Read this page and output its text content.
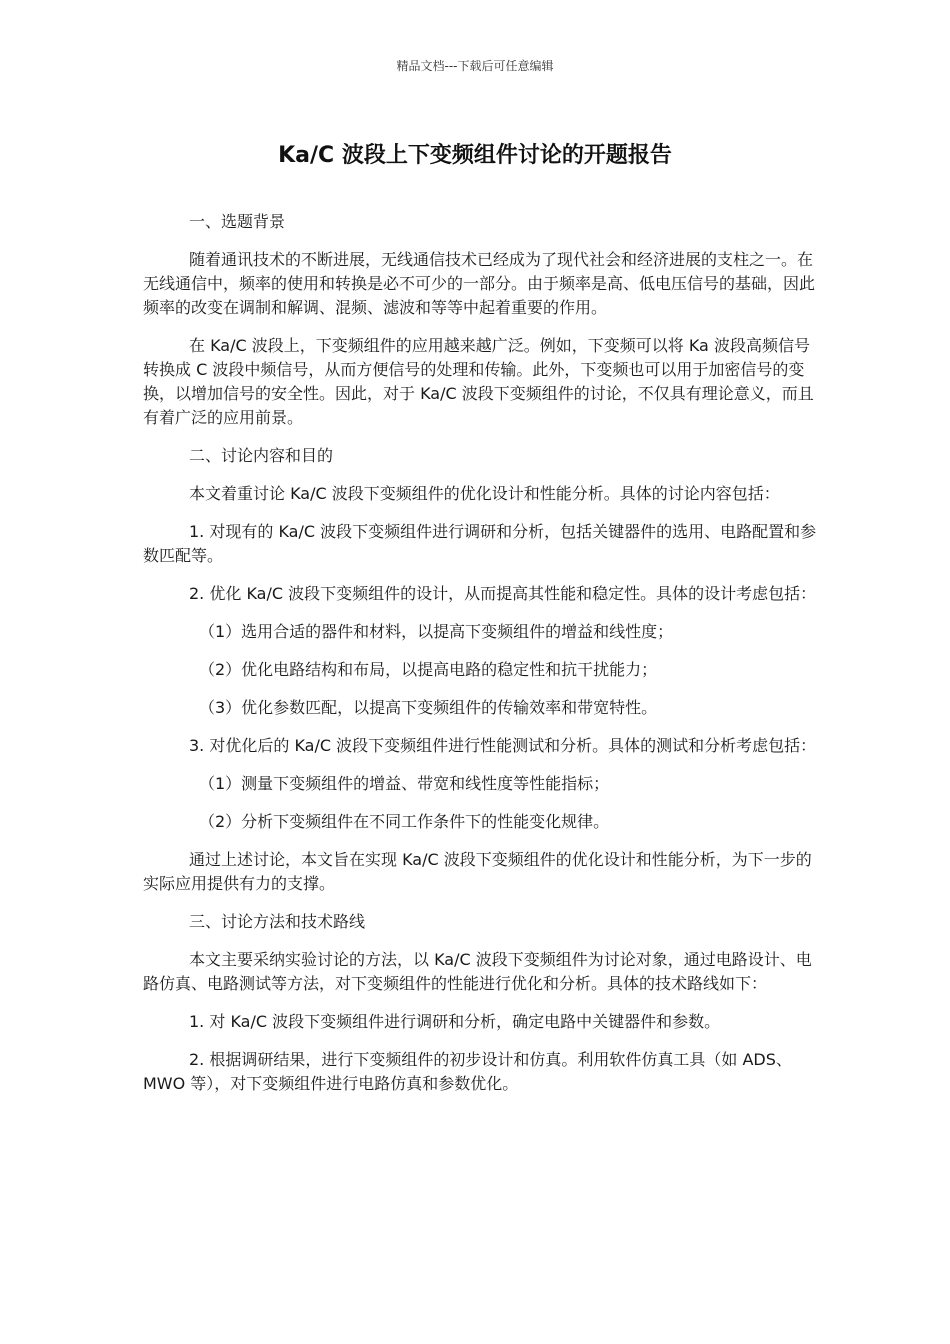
精品文档---下载后可任意编辑
Ka/C 波段上下变频组件讨论的开题报告

一、选题背景

随着通讯技术的不断进展，无线通信技术已经成为了现代社会和经济进展的支柱之一。在无线通信中，频率的使用和转换是必不可少的一部分。由于频率是高、低电压信号的基础，因此频率的改变在调制和解调、混频、滤波和等等中起着重要的作用。

在 Ka/C 波段上，下变频组件的应用越来越广泛。例如，下变频可以将 Ka 波段高频信号转换成 C 波段中频信号，从而方便信号的处理和传输。此外，下变频也可以用于加密信号的变换，以增加信号的安全性。因此，对于 Ka/C 波段下变频组件的讨论，不仅具有理论意义，而且有着广泛的应用前景。

二、讨论内容和目的

本文着重讨论 Ka/C 波段下变频组件的优化设计和性能分析。具体的讨论内容包括：

1. 对现有的 Ka/C 波段下变频组件进行调研和分析，包括关键器件的选用、电路配置和参数匹配等。

2. 优化 Ka/C 波段下变频组件的设计，从而提高其性能和稳定性。具体的设计考虑包括：

（1）选用合适的器件和材料，以提高下变频组件的增益和线性度；

（2）优化电路结构和布局，以提高电路的稳定性和抗干扰能力；

（3）优化参数匹配，以提高下变频组件的传输效率和带宽特性。

3. 对优化后的 Ka/C 波段下变频组件进行性能测试和分析。具体的测试和分析考虑包括：

（1）测量下变频组件的增益、带宽和线性度等性能指标；

（2）分析下变频组件在不同工作条件下的性能变化规律。

通过上述讨论，本文旨在实现 Ka/C 波段下变频组件的优化设计和性能分析，为下一步的实际应用提供有力的支撑。

三、讨论方法和技术路线

本文主要采纳实验讨论的方法，以 Ka/C 波段下变频组件为讨论对象，通过电路设计、电路仿真、电路测试等方法，对下变频组件的性能进行优化和分析。具体的技术路线如下：

1. 对 Ka/C 波段下变频组件进行调研和分析，确定电路中关键器件和参数。

2. 根据调研结果，进行下变频组件的初步设计和仿真。利用软件仿真工具（如 ADS、MWO 等），对下变频组件进行电路仿真和参数优化。
